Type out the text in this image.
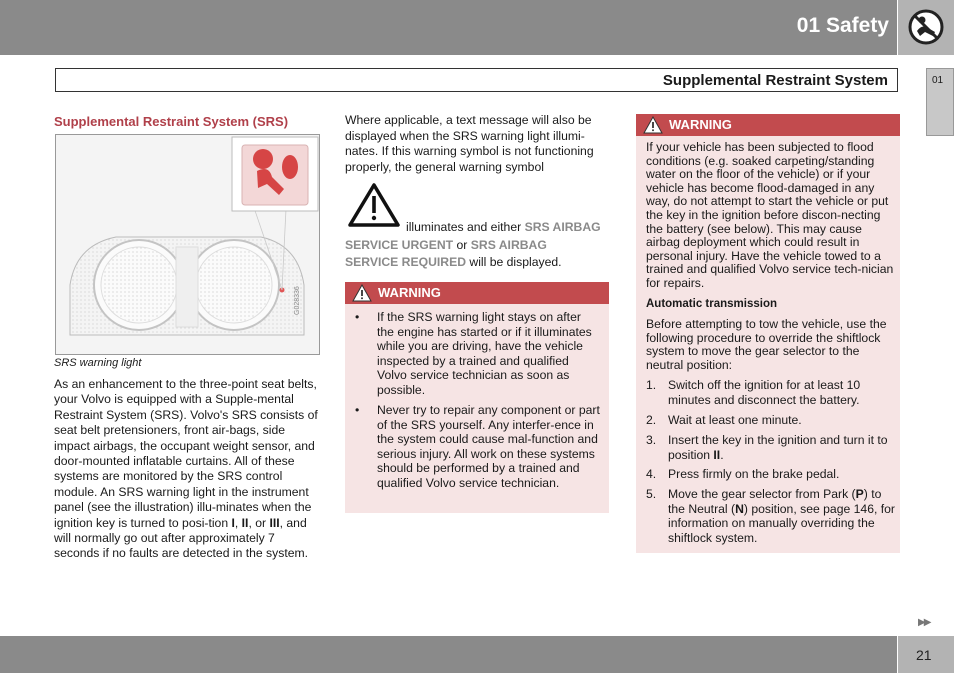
01 Safety
Supplemental Restraint System	01
Supplemental Restraint System (SRS)
G028336
SRS warning light
As an enhancement to the three-point seat belts, your Volvo is equipped with a Supple-mental Restraint System (SRS). Volvo's SRS consists of seat belt pretensioners, front air-bags, side impact airbags, the occupant weight sensor, and door-mounted inflatable curtains. All of these systems are monitored by the SRS control module. An SRS warning light in the instrument panel (see the illustration) illu-minates when the ignition key is turned to posi-tion I, II, or III, and will normally go out after approximately 7 seconds if no faults are detected in the system.
Where applicable, a text message will also be displayed when the SRS warning light illumi-nates. If this warning symbol is not functioning properly, the general warning symbol
illuminates and either SRS AIRBAG
SERVICE URGENT or SRS AIRBAG
SERVICE REQUIRED will be displayed.
WARNING
• If the SRS warning light stays on after the engine has started or if it illuminates while you are driving, have the vehicle inspected by a trained and qualified Volvo service technician as soon as possible.
• Never try to repair any component or part of the SRS yourself. Any interfer-ence in the system could cause mal-function and serious injury. All work on these systems should be performed by a trained and qualified Volvo service technician.
WARNING
If your vehicle has been subjected to flood conditions (e.g. soaked carpeting/standing water on the floor of the vehicle) or if your vehicle has become flood-damaged in any way, do not attempt to start the vehicle or put the key in the ignition before discon-necting the battery (see below). This may cause airbag deployment which could result in personal injury. Have the vehicle towed to a trained and qualified Volvo service tech-nician for repairs.
Automatic transmission
Before attempting to tow the vehicle, use the following procedure to override the shiftlock system to move the gear selector to the neutral position:
1. Switch off the ignition for at least 10 minutes and disconnect the battery.
2. Wait at least one minute.
3. Insert the key in the ignition and turn it to position II.
4. Press firmly on the brake pedal.
5. Move the gear selector from Park (P) to the Neutral (N) position, see page 146, for information on manually overriding the shiftlock system.
▶▶
21
